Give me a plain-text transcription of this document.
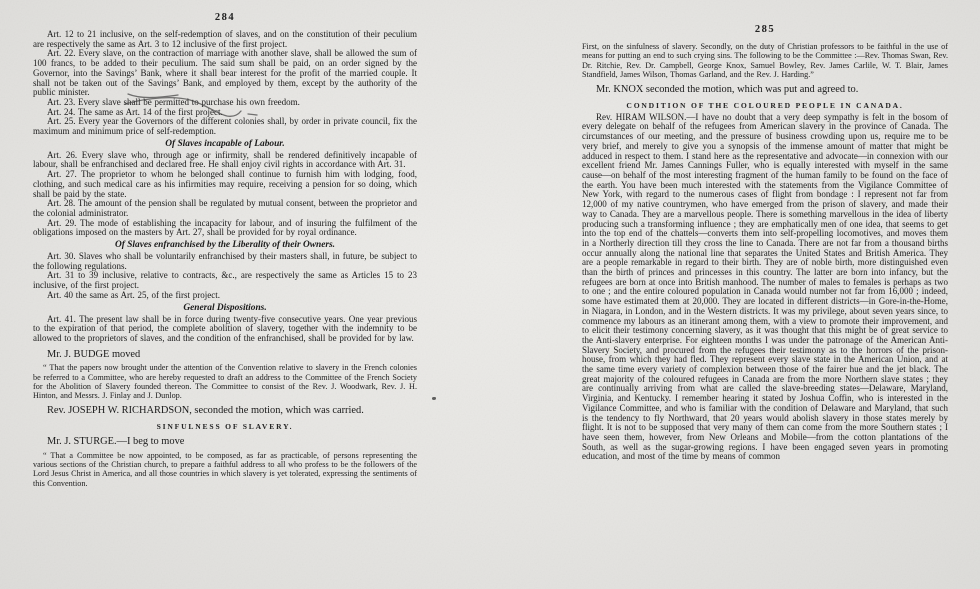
284

Art. 12 to 21 inclusive, on the self-redemption of slaves, and on the constitution of their peculium are respectively the same as Art. 3 to 12 inclusive of the first project.

Art. 22. Every slave, on the contraction of marriage with another slave, shall be allowed the sum of 100 francs, to be added to their peculium. The said sum shall be paid, on an order signed by the Governor, into the Savings’ Bank, where it shall bear interest for the profit of the married couple. It shall not be taken out of the Savings’ Bank, and employed by them, except by the authority of the public minister.

Art. 23. Every slave shall be permitted to purchase his own freedom.

Art. 24. The same as Art. 14 of the first project.

Art. 25. Every year the Governors of the different colonies shall, by order in private council, fix the maximum and minimum price of self-redemption.

Of Slaves incapable of Labour.

Art. 26. Every slave who, through age or infirmity, shall be rendered definitively incapable of labour, shall be enfranchised and declared free. He shall enjoy civil rights in accordance with Art. 31.

Art. 27. The proprietor to whom he belonged shall continue to furnish him with lodging, food, clothing, and such medical care as his infirmities may require, receiving a pension for so doing, which shall be paid by the state.

Art. 28. The amount of the pension shall be regulated by mutual consent, between the proprietor and the colonial administrator.

Art. 29. The mode of establishing the incapacity for labour, and of insuring the fulfilment of the obligations imposed on the masters by Art. 27, shall be provided for by royal ordinance.

Of Slaves enfranchised by the Liberality of their Owners.

Art. 30. Slaves who shall be voluntarily enfranchised by their masters shall, in future, be subject to the following regulations.

Art. 31 to 39 inclusive, relative to contracts, &c., are respectively the same as Articles 15 to 23 inclusive, of the first project.

Art. 40 the same as Art. 25, of the first project.

General Dispositions.

Art. 41. The present law shall be in force during twenty-five consecutive years. One year previous to the expiration of that period, the complete abolition of slavery, together with the indemnity to be allowed to the proprietors of slaves, and the condition of the enfranchised, shall be provided for by law.

Mr. J. BUDGE moved

“ That the papers now brought under the attention of the Convention relative to slavery in the French colonies be referred to a Committee, who are hereby requested to draft an address to the Committee of the French Society for the Abolition of Slavery founded thereon. The Committee to consist of the Rev. J. Woodwark, Rev. J. H. Hinton, and Messrs. J. Finlay and J. Dunlop.

Rev. JOSEPH W. RICHARDSON, seconded the motion, which was carried.

SINFULNESS OF SLAVERY.

Mr. J. STURGE.—I beg to move

“ That a Committee be now appointed, to be composed, as far as practicable, of persons representing the various sections of the Christian church, to prepare a faithful address to all who profess to be the followers of the Lord Jesus Christ in America, and all those countries in which slavery is yet tolerated, expressing the sentiments of this Convention.

285

First, on the sinfulness of slavery. Secondly, on the duty of Christian professors to be faithful in the use of means for putting an end to such crying sins. The following to be the Committee :—Rev. Thomas Swan, Rev. Dr. Ritchie, Rev. Dr. Campbell, George Knox, Samuel Bowley, Rev. James Carlile, W. T. Blair, James Standfield, James Wilson, Thomas Garland, and the Rev. J. Harding.”

Mr. KNOX seconded the motion, which was put and agreed to.

CONDITION OF THE COLOURED PEOPLE IN CANADA.

Rev. HIRAM WILSON.—I have no doubt that a very deep sympathy is felt in the bosom of every delegate on behalf of the refugees from American slavery in the province of Canada. The circumstances of our meeting, and the pressure of business crowding upon us, require me to be very brief, and merely to give you a synopsis of the immense amount of matter that might be adduced in respect to them. I stand here as the representative and advocate—in connexion with our excellent friend Mr. James Cannings Fuller, who is equally interested with myself in the same cause—on behalf of the most interesting fragment of the human family to be found on the face of the earth. You have been much interested with the statements from the Vigilance Committee of New York, with regard to the numerous cases of flight from bondage : I represent not far from 12,000 of my native countrymen, who have emerged from the prison of slavery, and made their way to Canada. They are a marvellous people. There is something marvellous in the idea of liberty producing such a transforming influence ; they are emphatically men of one idea, that seems to get into the top end of the chattels—converts them into self-propelling locomotives, and moves them in a Northerly direction till they cross the line to Canada. There are not far from a thousand births occur annually along the national line that separates the United States and British America. They are a people remarkable in regard to their birth. They are of noble birth, more distinguished even than the birth of princes and princesses in this country. The latter are born into infancy, but the refugees are born at once into British manhood. The number of males to females is perhaps as two to one ; and the entire coloured population in Canada would number not far from 16,000 ; indeed, some have estimated them at 20,000. They are located in different districts—in Gore-in-the-Home, in Niagara, in London, and in the Western districts. It was my privilege, about seven years since, to commence my labours as an itinerant among them, with a view to promote their improvement, and to elicit their testimony concerning slavery, as it was thought that this might be of great service to the Anti-slavery enterprise. For eighteen months I was under the patronage of the American Anti-Slavery Society, and procured from the refugees their testimony as to the horrors of the prison-house, from which they had fled. They represent every slave state in the American Union, and at the same time every variety of complexion between those of the fairer hue and the jet black. The great majority of the coloured refugees in Canada are from the more Northern slave states ; they are continually arriving from what are called the slave-breeding states—Delaware, Maryland, Virginia, and Kentucky. I remember hearing it stated by Joshua Coffin, who is interested in the Vigilance Committee, and who is familiar with the condition of Delaware and Maryland, that such is the tendency to fly Northward, that 20 years would abolish slavery in those states merely by flight. It is not to be supposed that very many of them can come from the more Southern states ; I have seen them, however, from New Orleans and Mobile—from the cotton plantations of the South, as well as the sugar-growing regions. I have been engaged seven years in promoting education, and most of the time by means of common
